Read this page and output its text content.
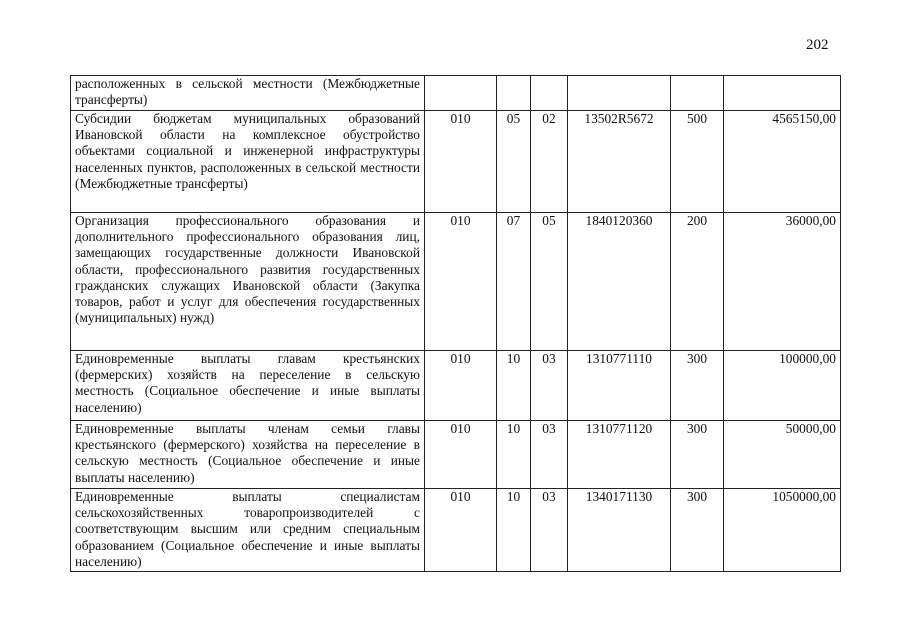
202
расположенных в сельской местности (Межбюджетные трансферты)						
Субсидии бюджетам муниципальных образований Ивановской области на комплексное обустройство объектами социальной и инженерной инфраструктуры населенных пунктов, расположенных в сельской местности (Межбюджетные трансферты)	010	05	02	13502R5672	500	4565150,00
Организация профессионального образования и дополнительного профессионального образования лиц, замещающих государственные должности Ивановской области, профессионального развития государственных гражданских служащих Ивановской области (Закупка товаров, работ и услуг для обеспечения государственных (муниципальных) нужд)	010	07	05	1840120360	200	36000,00
Единовременные выплаты главам крестьянских (фермерских) хозяйств на переселение в сельскую местность (Социальное обеспечение и иные выплаты населению)	010	10	03	1310771110	300	100000,00
Единовременные выплаты членам семьи главы крестьянского (фермерского) хозяйства на переселение в сельскую местность (Социальное обеспечение и иные выплаты населению)	010	10	03	1310771120	300	50000,00
Единовременные выплаты специалистам сельскохозяйственных товаропроизводителей с соответствующим высшим или средним специальным образованием (Социальное обеспечение и иные выплаты населению)	010	10	03	1340171130	300	1050000,00
